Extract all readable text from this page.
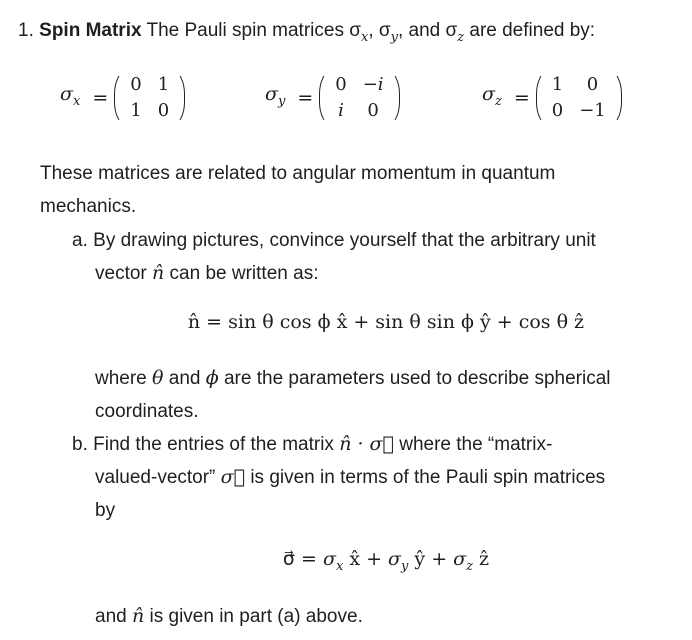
1. Spin Matrix The Pauli spin matrices $\sigma_x$, $\sigma_y$, and $\sigma_z$ are defined by:
$\sigma_x$ =
0 1
1 0
$\sigma_y$ =
0 −i
i 0
$\sigma_z$ =
1	0
0 −1
These matrices are related to angular momentum in quantum
mechanics.
a. By drawing pictures, convince yourself that the arbitrary unit
vector n̂ can be written as:
n̂ = sin θ cos ϕ x̂ + sin θ sin ϕ ŷ + cos θ ẑ
where θ and ϕ are the parameters used to describe spherical
coordinates.
b. Find the entries of the matrix n̂ · σ⃗ where the “matrix-
valued-vector” σ⃗ is given in terms of the Pauli spin matrices
by
σ⃗ = $\sigma_x$ x̂ + $\sigma_y$ ŷ + $\sigma_z$ ẑ
and n̂ is given in part (a) above.
